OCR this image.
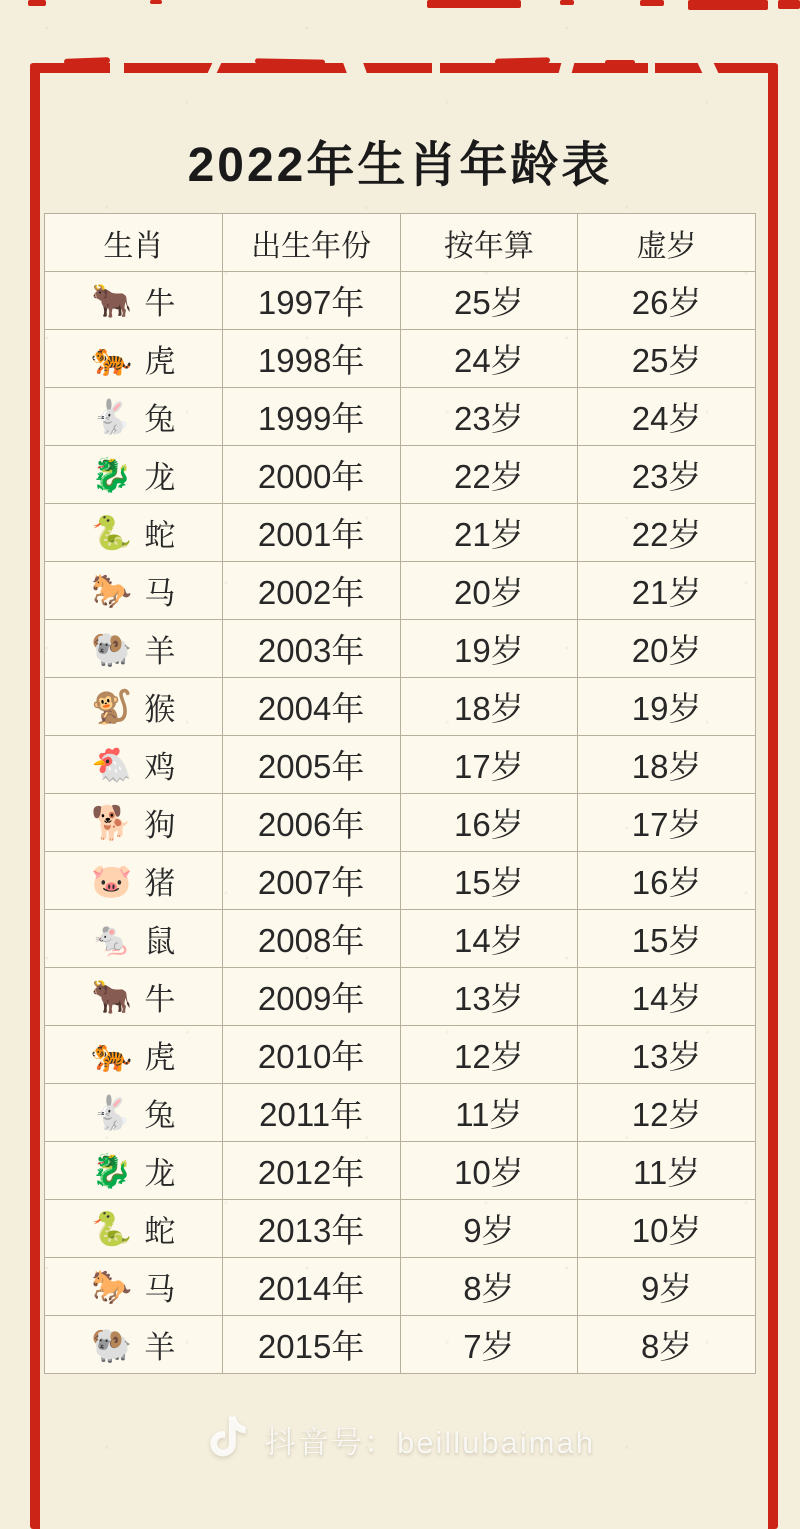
2022年生肖年龄表
生肖	出生年份	按年算	虚岁

🐂 牛	1997年	25岁	26岁

🐅 虎	1998年	24岁	25岁

🐇 兔	1999年	23岁	24岁

🐉 龙	2000年	22岁	23岁

🐍 蛇	2001年	21岁	22岁

🐎 马	2002年	20岁	21岁

🐏 羊	2003年	19岁	20岁

🐒 猴	2004年	18岁	19岁

🐔 鸡	2005年	17岁	18岁

🐕 狗	2006年	16岁	17岁

🐷 猪	2007年	15岁	16岁

🐁 鼠	2008年	14岁	15岁

🐂 牛	2009年	13岁	14岁

🐅 虎	2010年	12岁	13岁

🐇 兔	2011年	11岁	12岁

🐉 龙	2012年	10岁	11岁

🐍 蛇	2013年	9岁	10岁

🐎 马	2014年	8岁	9岁

🐏 羊	2015年	7岁	8岁
抖音号：beillubaimah
